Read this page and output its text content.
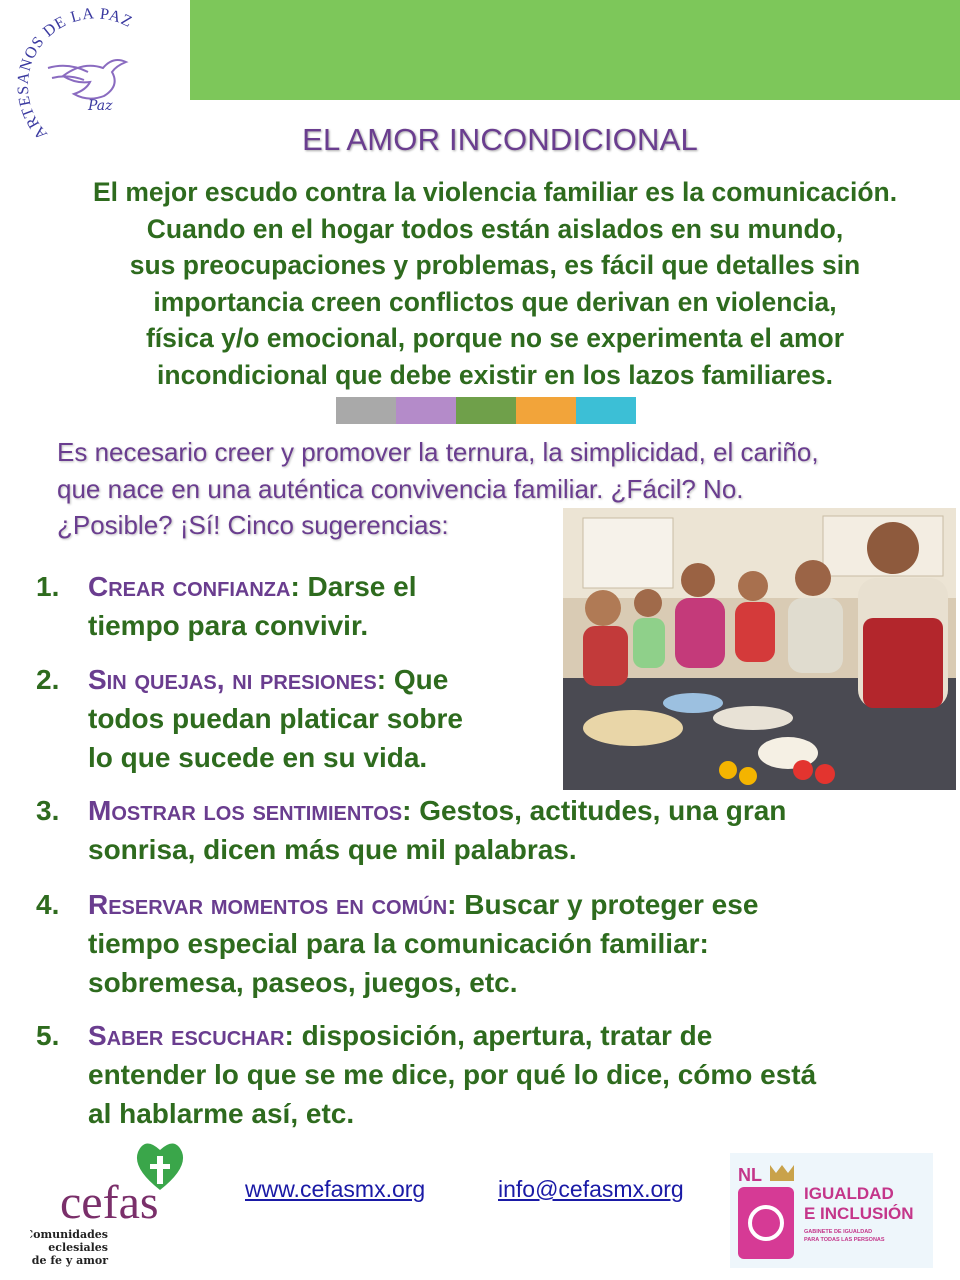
ARTESANOS DE LA PAZ
Paz
EL AMOR INCONDICIONAL
El mejor escudo contra la violencia familiar es la comunicación.
Cuando en el hogar todos están aislados en su mundo,
sus preocupaciones y problemas, es fácil que detalles sin
importancia creen conflictos que derivan en violencia,
física y/o emocional, porque no se experimenta el amor
incondicional que debe existir en los lazos familiares.
Es necesario creer y promover la ternura, la simplicidad, el cariño,
que nace en una auténtica convivencia familiar. ¿Fácil? No.
¿Posible? ¡Sí! Cinco sugerencias:
1.	Crear confianza: Darse el
tiempo para convivir.
2.	Sin quejas, ni presiones: Que
todos puedan platicar sobre
lo que sucede en su vida.
3.	Mostrar los sentimientos: Gestos, actitudes, una gran
sonrisa, dicen más que mil palabras.
4.	Reservar momentos en común: Buscar y proteger ese
tiempo especial para la comunicación familiar:
sobremesa, paseos, juegos, etc.
5.	Saber escuchar: disposición, apertura, tratar de
entender lo que se me dice, por qué lo dice, cómo está
al hablarme así, etc.
cefas
Comunidades
eclesiales
de fe y amor
www.cefasmx.org	info@cefasmx.org
NL
IGUALDAD
E INCLUSIÓN
GABINETE DE IGUALDAD
PARA TODAS LAS PERSONAS
